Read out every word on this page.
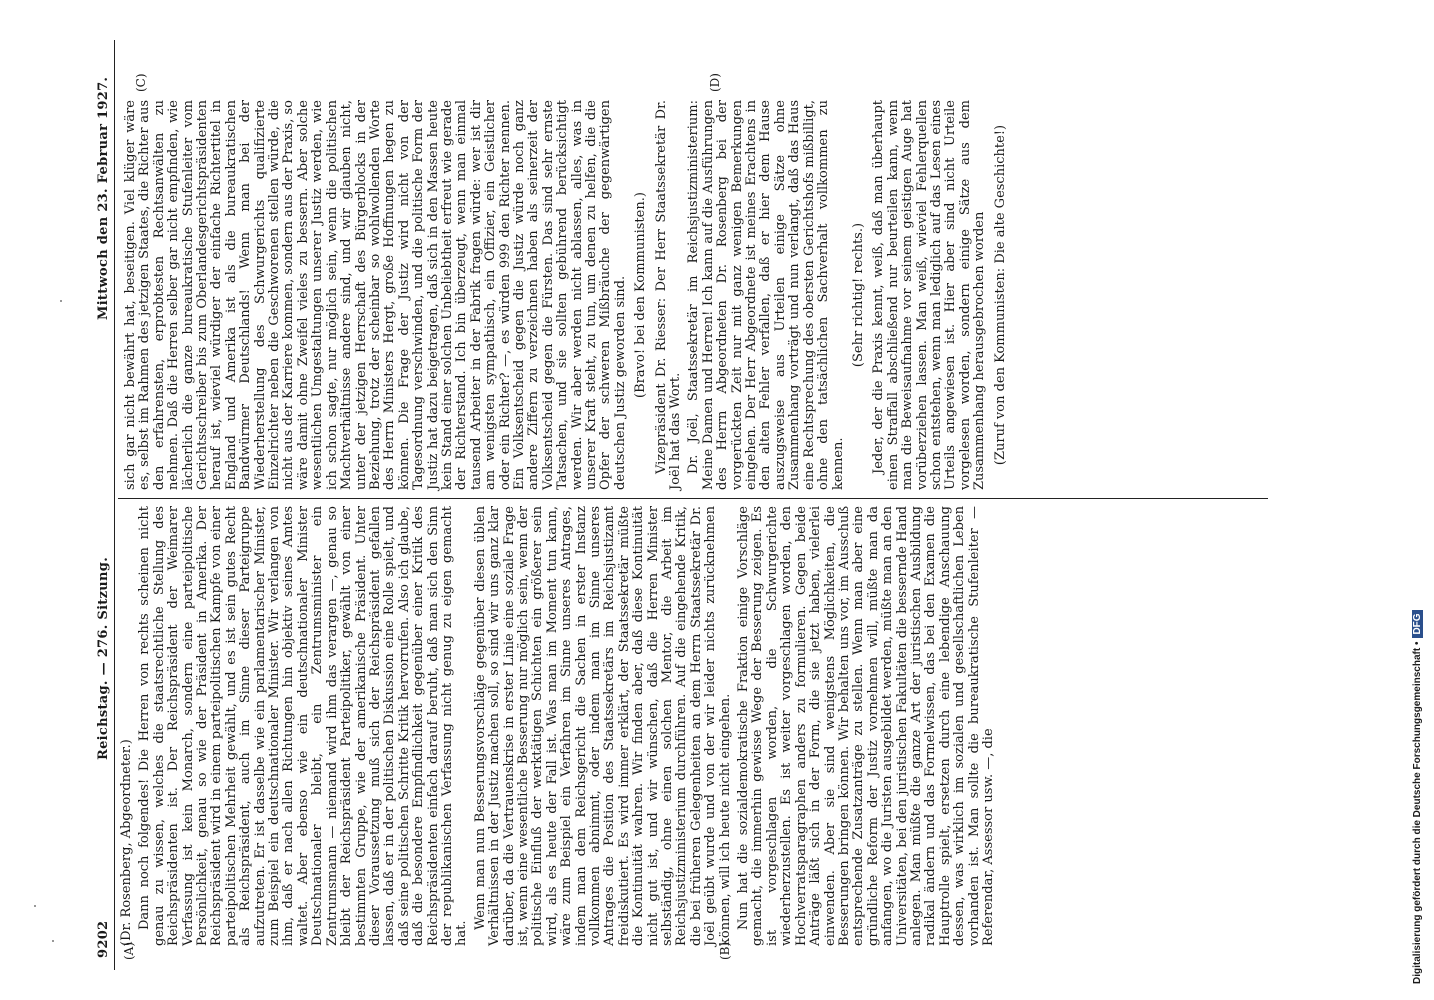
9202
Reichstag. — 276. Sitzung.
Mittwoch den 23. Februar 1927.
(A)	(B)
(C)	(D)

(Dr. Rosenberg, Abgeordneter.) Dann noch folgendes! Die Herren von rechts scheinen nicht genau zu wissen, welches die staatsrechtliche Stellung des Reichspräsidenten ist. Der Reichspräsident der Weimarer Verfassung ist kein Monarch, sondern eine parteipolitische Persönlichkeit, genau so wie der Präsident in Amerika. Der Reichspräsident wird in einem parteipolitischen Kampfe von einer parteipolitischen Mehrheit gewählt, und es ist sein gutes Recht als Reichspräsident, auch im Sinne dieser Parteigruppe aufzutreten. Er ist dasselbe wie ein parlamentarischer Minister, zum Beispiel ein deutschnationaler Minister. Wir verlangen von ihm, daß er nach allen Richtungen hin objektiv seines Amtes waltet. Aber ebenso wie ein deutschnationaler Minister Deutschnationaler bleibt, ein Zentrumsminister ein Zentrumsmann — niemand wird ihm das verargen —, genau so bleibt der Reichspräsident Parteipolitiker, gewählt von einer bestimmten Gruppe, wie der amerikanische Präsident. Unter dieser Voraussetzung muß sich der Reichspräsident gefallen lassen, daß er in der politischen Diskussion eine Rolle spielt, und daß seine politischen Schritte Kritik hervorrufen. Also ich glaube, daß die besondere Empfindlichkeit gegenüber einer Kritik des Reichspräsidenten einfach darauf beruht, daß man sich den Sinn der republikanischen Verfassung nicht genug zu eigen gemacht hat.

Wenn man nun Besserungsvorschläge gegenüber diesen üblen Verhältnissen in der Justiz machen soll, so sind wir uns ganz klar darüber, da die Vertrauenskrise in erster Linie eine soziale Frage ist, wenn eine wesentliche Besserung nur möglich sein, wenn der politische Einfluß der werktätigen Schichten ein größerer sein wird, als es heute der Fall ist. Was man im Moment tun kann, wäre zum Beispiel ein Verfahren im Sinne unseres Antrages, indem man dem Reichsgericht die Sachen in erster Instanz vollkommen abnimmt, oder indem man im Sinne unseres Antrages die Position des Staatssekretärs im Reichsjustizamt freidiskutiert. Es wird immer erklärt, der Staatssekretär müßte die Kontinuität wahren. Wir finden aber, daß diese Kontinuität nicht gut ist, und wir wünschen, daß die Herren Minister selbständig, ohne einen solchen Mentor, die Arbeit im Reichsjustizministerium durchführen. Auf die eingehende Kritik, die bei früheren Gelegenheiten an dem Herrn Staatssekretär Dr. Joël geübt wurde und von der wir leider nichts zurücknehmen können, will ich heute nicht eingehen. Nun hat die sozialdemokratische Fraktion einige Vorschläge gemacht, die immerhin gewisse Wege der Besserung zeigen. Es ist vorgeschlagen worden, die Schwurgerichte wiederherzustellen. Es ist weiter vorgeschlagen worden, den Hochverratsparagraphen anders zu formulieren. Gegen beide Anträge läßt sich in der Form, die sie jetzt haben, vielerlei einwenden. Aber sie sind wenigstens Möglichkeiten, die Besserungen bringen können. Wir behalten uns vor, im Ausschuß entsprechende Zusatzanträge zu stellen. Wenn man aber eine gründliche Reform der Justiz vornehmen will, müßte man da anfangen, wo die Juristen ausgebildet werden, müßte man an den Universitäten, bei den juristischen Fakultäten die bessernde Hand anlegen. Man müßte die ganze Art der juristischen Ausbildung radikal ändern und das Formelwissen, das bei den Examen die Hauptrolle spielt, ersetzen durch eine lebendige Anschauung dessen, was wirklich im sozialen und gesellschaftlichen Leben vorhanden ist. Man sollte die bureaukratische Stufenleiter — Referendar, Assessor usw. —, die

sich gar nicht bewährt hat, beseitigen. Viel klüger wäre es, selbst im Rahmen des jetzigen Staates, die Richter aus den erfahrensten, erprobtesten Rechtsanwälten zu nehmen. Daß die Herren selber gar nicht empfinden, wie lächerlich die ganze bureaukratische Stufenleiter vom Gerichtsschreiber bis zum Oberlandesgerichtspräsidenten herauf ist, wieviel würdiger der einfache Richtertitel in England und Amerika ist als die bureaukratischen Bandwürmer Deutschlands! Wenn man bei der Wiederherstellung des Schwurgerichts qualifizierte Einzelrichter neben die Geschworenen stellen würde, die nicht aus der Karriere kommen, sondern aus der Praxis, so wäre damit ohne Zweifel vieles zu bessern. Aber solche wesentlichen Umgestaltungen unserer Justiz werden, wie ich schon sagte, nur möglich sein, wenn die politischen Machtverhältnisse andere sind, und wir glauben nicht, unter der jetzigen Herrschaft des Bürgerblocks in der Beziehung, trotz der scheinbar so wohlwollenden Worte des Herrn Ministers Hergt, große Hoffnungen hegen zu können. Die Frage der Justiz wird nicht von der Tagesordnung verschwinden, und die politische Form der Justiz hat dazu beigetragen, daß sich in den Massen heute kein Stand einer solchen Unbeliebtheit erfreut wie gerade der Richterstand. Ich bin überzeugt, wenn man einmal tausend Arbeiter in der Fabrik fragen würde: wer ist dir am wenigsten sympathisch, ein Offizier, ein Geistlicher oder ein Richter? —, es würden 999 den Richter nennen. Ein Volksentscheid gegen die Justiz würde noch ganz andere Ziffern zu verzeichnen haben als seinerzeit der Volksentscheid gegen die Fürsten. Das sind sehr ernste Tatsachen, und sie sollten gebührend berücksichtigt werden. Wir aber werden nicht ablassen, alles, was in unserer Kraft steht, zu tun, um denen zu helfen, die die Opfer der schweren Mißbräuche der gegenwärtigen deutschen Justiz geworden sind. (Bravo! bei den Kommunisten.) Vizepräsident Dr. Riesser: Der Herr Staatssekretär Dr. Joël hat das Wort. Dr. Joël, Staatssekretär im Reichsjustizministerium: Meine Damen und Herren! Ich kann auf die Ausführungen des Herrn Abgeordneten Dr. Rosenberg bei der vorgerückten Zeit nur mit ganz wenigen Bemerkungen eingehen. Der Herr Abgeordnete ist meines Erachtens in den alten Fehler verfallen, daß er hier dem Hause auszugsweise aus Urteilen einige Sätze ohne Zusammenhang vorträgt und nun verlangt, daß das Haus eine Rechtsprechung des obersten Gerichtshofs mißbilligt, ohne den tatsächlichen Sachverhalt vollkommen zu kennen.

(Sehr richtig! rechts.) Jeder, der die Praxis kennt, weiß, daß man überhaupt einen Straffall abschließend nur beurteilen kann, wenn man die Beweisaufnahme vor seinem geistigen Auge hat vorüberziehen lassen. Man weiß, wieviel Fehlerquellen schon entstehen, wenn man lediglich auf das Lesen eines Urteils angewiesen ist. Hier aber sind nicht Urteile vorgelesen worden, sondern einige Sätze aus dem Zusammenhang herausgebrochen worden (Zuruf von den Kommunisten: Die alte Geschichte!)

Digitalisierung gefördert durch die Deutsche Forschungsgemeinschaft •DFG
